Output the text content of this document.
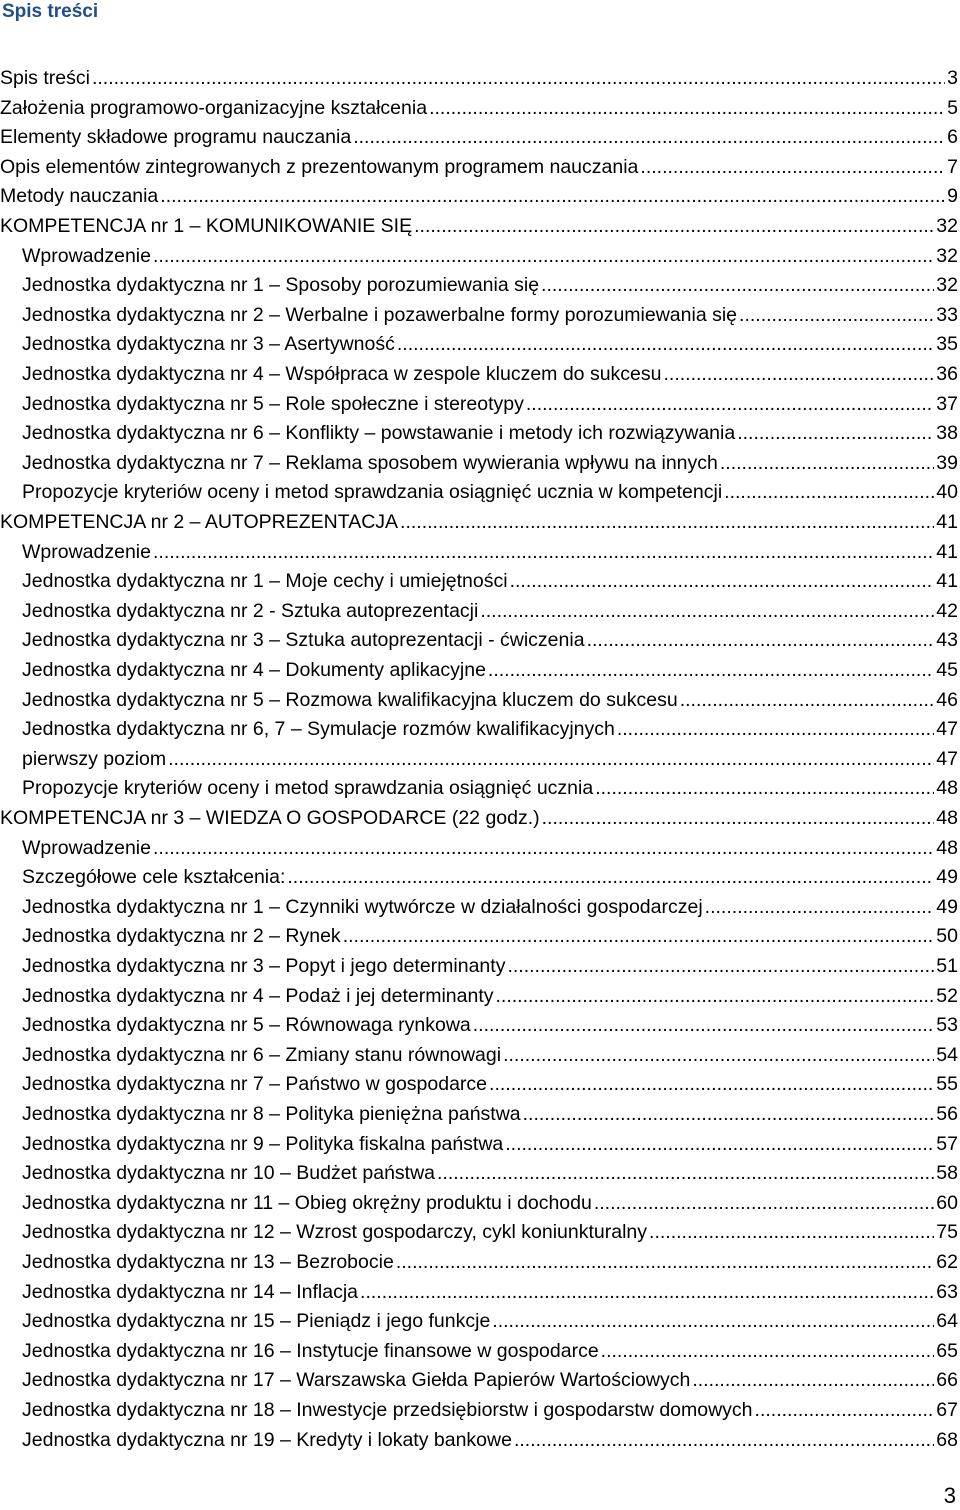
Spis treści
Spis treści .....	3
Założenia programowo-organizacyjne kształcenia .....	5
Elementy składowe programu nauczania .....	6
Opis elementów zintegrowanych z prezentowanym programem nauczania .....	7
Metody nauczania .....	9
KOMPETENCJA nr 1 – KOMUNIKOWANIE SIĘ .....	32
Wprowadzenie .....	32
Jednostka dydaktyczna nr 1 – Sposoby porozumiewania się .....	32
Jednostka dydaktyczna nr 2 – Werbalne i pozawerbalne formy porozumiewania się .....	33
Jednostka dydaktyczna nr 3 – Asertywność .....	35
Jednostka dydaktyczna nr 4 – Współpraca w zespole kluczem do sukcesu .....	36
Jednostka dydaktyczna nr 5 – Role społeczne i stereotypy .....	37
Jednostka dydaktyczna nr 6 – Konflikty – powstawanie i metody ich rozwiązywania .....	38
Jednostka dydaktyczna nr 7 – Reklama sposobem wywierania wpływu na innych .....	39
Propozycje kryteriów oceny i metod sprawdzania osiągnięć ucznia w kompetencji .....	40
KOMPETENCJA nr 2 – AUTOPREZENTACJA .....	41
Wprowadzenie .....	41
Jednostka dydaktyczna nr 1 – Moje cechy i umiejętności .....	41
Jednostka dydaktyczna nr 2 - Sztuka autoprezentacji .....	42
Jednostka dydaktyczna nr 3 – Sztuka autoprezentacji - ćwiczenia .....	43
Jednostka dydaktyczna nr 4 – Dokumenty aplikacyjne .....	45
Jednostka dydaktyczna nr 5 – Rozmowa kwalifikacyjna kluczem do sukcesu .....	46
Jednostka dydaktyczna nr 6, 7 – Symulacje rozmów kwalifikacyjnych .....	47
pierwszy poziom .....	47
Propozycje kryteriów oceny i metod sprawdzania osiągnięć ucznia .....	48
KOMPETENCJA nr 3 – WIEDZA O GOSPODARCE (22 godz.) .....	48
Wprowadzenie .....	48
Szczegółowe cele kształcenia: .....	49
Jednostka dydaktyczna nr 1 – Czynniki wytwórcze w działalności gospodarczej .....	49
Jednostka dydaktyczna nr 2 – Rynek .....	50
Jednostka dydaktyczna nr 3 – Popyt i jego determinanty .....	51
Jednostka dydaktyczna nr 4 – Podaż i jej determinanty .....	52
Jednostka dydaktyczna nr 5 – Równowaga rynkowa .....	53
Jednostka dydaktyczna nr 6 – Zmiany stanu równowagi .....	54
Jednostka dydaktyczna nr 7 – Państwo w gospodarce .....	55
Jednostka dydaktyczna nr 8 – Polityka pieniężna państwa .....	56
Jednostka dydaktyczna nr 9 – Polityka fiskalna państwa .....	57
Jednostka dydaktyczna nr 10 – Budżet państwa .....	58
Jednostka dydaktyczna nr 11 – Obieg okrężny produktu i dochodu .....	60
Jednostka dydaktyczna nr 12 – Wzrost gospodarczy, cykl koniunkturalny .....	75
Jednostka dydaktyczna nr 13 – Bezrobocie .....	62
Jednostka dydaktyczna nr 14 – Inflacja .....	63
Jednostka dydaktyczna nr 15 – Pieniądz i jego funkcje .....	64
Jednostka dydaktyczna nr 16 – Instytucje finansowe w gospodarce .....	65
Jednostka dydaktyczna nr 17 – Warszawska Giełda Papierów Wartościowych .....	66
Jednostka dydaktyczna nr 18 – Inwestycje przedsiębiorstw i gospodarstw domowych .....	67
Jednostka dydaktyczna nr 19 – Kredyty i lokaty bankowe .....	68
3
